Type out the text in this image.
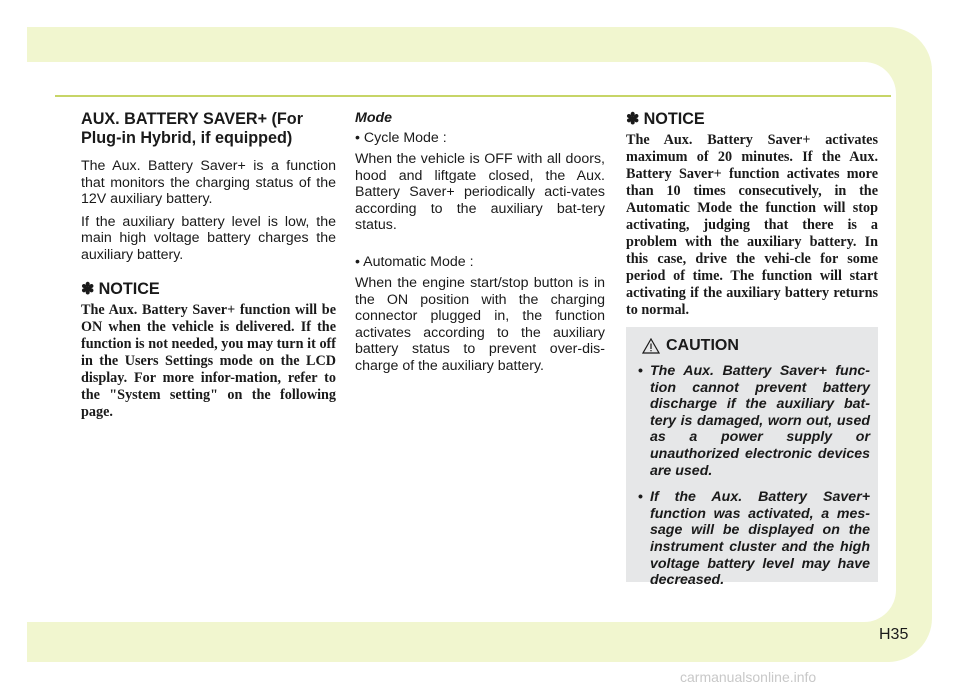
AUX. BATTERY SAVER+ (For Plug-in Hybrid, if equipped)

The Aux. Battery Saver+ is a function that monitors the charging status of the 12V auxiliary battery.

If the auxiliary battery level is low, the main high voltage battery charges the auxiliary battery.

✽ NOTICE

The Aux. Battery Saver+ function will be ON when the vehicle is delivered. If the function is not needed, you may turn it off in the Users Settings mode on the LCD display. For more infor-mation, refer to the "System setting" on the following page.

Mode
• Cycle Mode :

When the vehicle is OFF with all doors, hood and liftgate closed, the Aux. Battery Saver+ periodically acti-vates according to the auxiliary bat-tery status.

• Automatic Mode :

When the engine start/stop button is in the ON position with the charging connector plugged in, the function activates according to the auxiliary battery status to prevent over-dis-charge of the auxiliary battery.

✽ NOTICE

The Aux. Battery Saver+ activates maximum of 20 minutes. If the Aux. Battery Saver+ function activates more than 10 times consecutively, in the Automatic Mode the function will stop activating, judging that there is a problem with the auxiliary battery. In this case, drive the vehi-cle for some period of time. The function will start activating if the auxiliary battery returns to normal.

CAUTION
• The Aux. Battery Saver+ func-tion cannot prevent battery discharge if the auxiliary bat-tery is damaged, worn out, used as a power supply or unauthorized electronic devices are used.
• If the Aux. Battery Saver+ function was activated, a mes-sage will be displayed on the instrument cluster and the high voltage battery level may have decreased.
H35
carmanualsonline.info
